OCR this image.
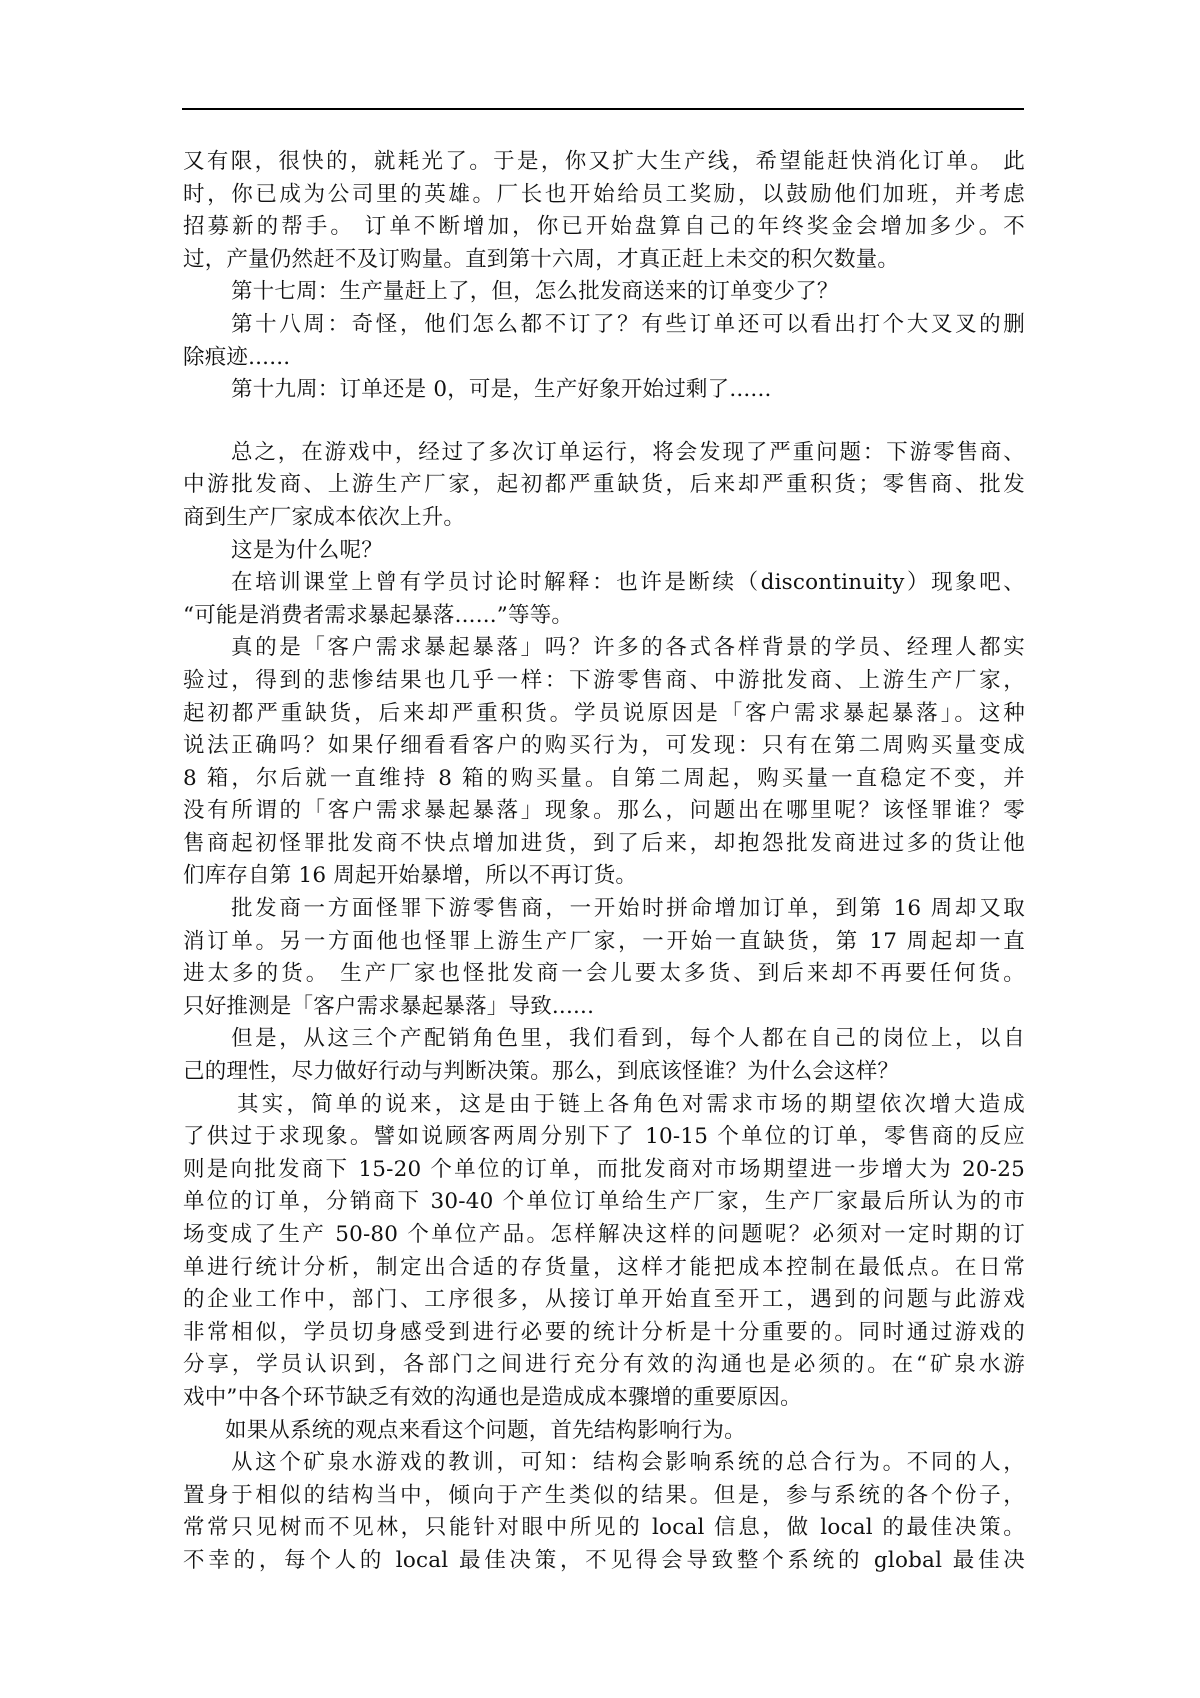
又有限，很快的，就耗光了。于是，你又扩大生产线，希望能赶快消化订单。 此
时，你已成为公司里的英雄。厂长也开始给员工奖励，以鼓励他们加班，并考虑
招募新的帮手。 订单不断增加，你已开始盘算自己的年终奖金会增加多少。不
过，产量仍然赶不及订购量。直到第十六周，才真正赶上未交的积欠数量。
第十七周：生产量赶上了，但，怎么批发商送来的订单变少了？
第十八周：奇怪，他们怎么都不订了？有些订单还可以看出打个大叉叉的删
除痕迹......
第十九周：订单还是 0，可是，生产好象开始过剩了......
总之，在游戏中，经过了多次订单运行，将会发现了严重问题：下游零售商、
中游批发商、上游生产厂家，起初都严重缺货，后来却严重积货；零售商、批发
商到生产厂家成本依次上升。
这是为什么呢？
在培训课堂上曾有学员讨论时解释：也许是断续（discontinuity）现象吧、
“可能是消费者需求暴起暴落......”等等。
真的是「客户需求暴起暴落」吗？许多的各式各样背景的学员、经理人都实
验过，得到的悲惨结果也几乎一样：下游零售商、中游批发商、上游生产厂家，
起初都严重缺货，后来却严重积货。学员说原因是「客户需求暴起暴落」。这种
说法正确吗？如果仔细看看客户的购买行为，可发现：只有在第二周购买量变成
8 箱，尔后就一直维持 8 箱的购买量。自第二周起，购买量一直稳定不变，并
没有所谓的「客户需求暴起暴落」现象。那么，问题出在哪里呢？该怪罪谁？零
售商起初怪罪批发商不快点增加进货，到了后来，却抱怨批发商进过多的货让他
们库存自第 16 周起开始暴增，所以不再订货。
批发商一方面怪罪下游零售商，一开始时拼命增加订单，到第 16 周却又取
消订单。另一方面他也怪罪上游生产厂家，一开始一直缺货，第 17 周起却一直
进太多的货。 生产厂家也怪批发商一会儿要太多货、到后来却不再要任何货。
只好推测是「客户需求暴起暴落」导致......
但是，从这三个产配销角色里，我们看到，每个人都在自己的岗位上，以自
己的理性，尽力做好行动与判断决策。那么，到底该怪谁？为什么会这样？
其实，简单的说来，这是由于链上各角色对需求市场的期望依次增大造成
了供过于求现象。譬如说顾客两周分别下了 10-15 个单位的订单，零售商的反应
则是向批发商下 15-20 个单位的订单，而批发商对市场期望进一步增大为 20-25
单位的订单，分销商下 30-40 个单位订单给生产厂家，生产厂家最后所认为的市
场变成了生产 50-80 个单位产品。怎样解决这样的问题呢？必须对一定时期的订
单进行统计分析，制定出合适的存货量，这样才能把成本控制在最低点。在日常
的企业工作中，部门、工序很多，从接订单开始直至开工，遇到的问题与此游戏
非常相似，学员切身感受到进行必要的统计分析是十分重要的。同时通过游戏的
分享，学员认识到，各部门之间进行充分有效的沟通也是必须的。在“矿泉水游
戏中”中各个环节缺乏有效的沟通也是造成成本骤增的重要原因。
如果从系统的观点来看这个问题，首先结构影响行为。
从这个矿泉水游戏的教训，可知：结构会影响系统的总合行为。不同的人，
置身于相似的结构当中，倾向于产生类似的结果。但是，参与系统的各个份子，
常常只见树而不见林，只能针对眼中所见的 local 信息，做 local 的最佳决策。
不幸的，每个人的 local 最佳决策，不见得会导致整个系统的 global 最佳决
